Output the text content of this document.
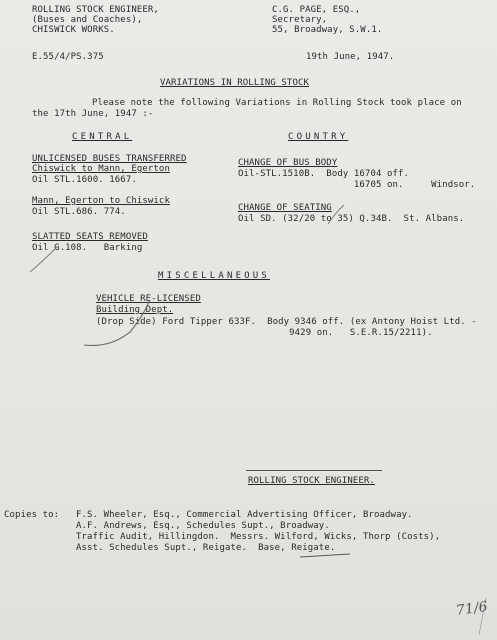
ROLLING STOCK ENGINEER,
(Buses and Coaches),
CHISWICK WORKS.
C.G. PAGE, ESQ.,
Secretary,
55, Broadway, S.W.1.
E.55/4/PS.375	19th June, 1947.
VARIATIONS IN ROLLING STOCK
Please note the following Variations in Rolling Stock took place on
the 17th June, 1947 :-
CENTRAL	COUNTRY
UNLICENSED BUSES TRANSFERRED
Chiswick to Mann, Egerton
Oil STL.1600. 1667.
Mann, Egerton to Chiswick
Oil STL.686. 774.
SLATTED SEATS REMOVED
Oil G.108.   Barking
CHANGE OF BUS BODY
Oil-STL.1510B.  Body 16704 off.
16705 on.     Windsor.
CHANGE OF SEATING
Oil SD. (32/20 to 35) Q.34B.  St. Albans.
MISCELLANEOUS
VEHICLE RE-LICENSED
Building Dept.
(Drop Side) Ford Tipper 633F.  Body 9346 off. (ex Antony Hoist Ltd. -
9429 on.   S.E.R.15/2211).
ROLLING STOCK ENGINEER.
Copies to: F.S. Wheeler, Esq., Commercial Advertising Officer, Broadway.
A.F. Andrews, Esq., Schedules Supt., Broadway.
Traffic Audit, Hillingdon.  Messrs. Wilford, Wicks, Thorp (Costs),
Asst. Schedules Supt., Reigate.  Base, Reigate.
71/6
